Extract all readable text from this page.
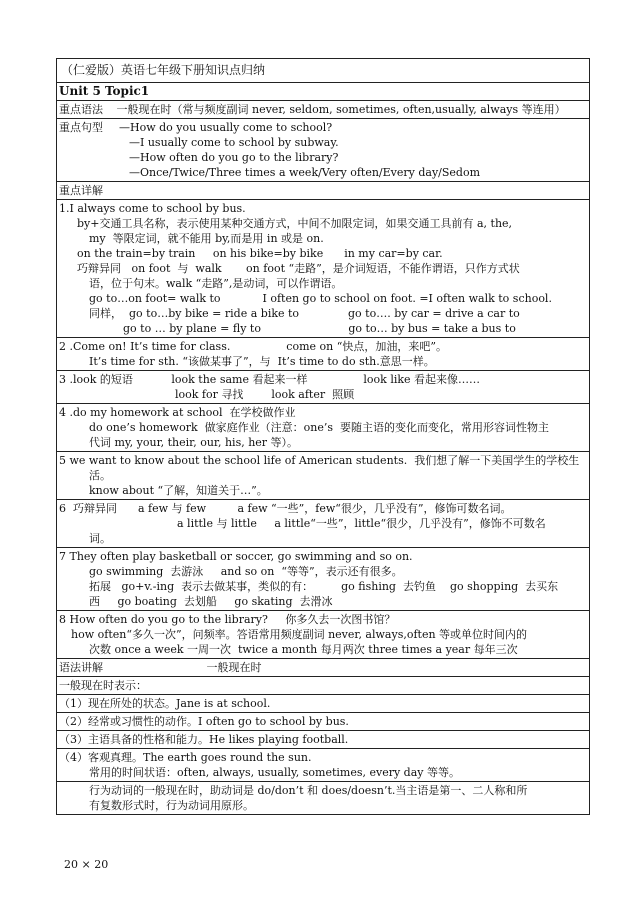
（仁爱版）英语七年级下册知识点归纳
Unit 5 Topic1
重点语法 一般现在时（常与频度副词 never, seldom, sometimes, often,usually, always 等连用）
重点句型 —How do you usually come to school?
—I usually come to school by subway.
—How often do you go to the library?
—Once/Twice/Three times a week/Very often/Every day/Sedom
重点详解
1.I always come to school by bus.
by+交通工具名称，表示使用某种交通方式，中间不加限定词，如果交通工具前有 a, the,
my  等限定词，就不能用 by,而是用 in 或是 on.
on the train=by train     on his bike=by bike      in my car=by car.
巧辩异同   on foot  与  walk       on foot “走路”，是介词短语，不能作谓语，只作方式状
语，位于句末。walk “走路”,是动词，可以作谓语。
go to…on foot= walk to            I often go to school on foot. =I often walk to school.
同样，  go to…by bike = ride a bike to              go to…. by car = drive a car to
go to … by plane = fly to                         go to… by bus = take a bus to
2 .Come on! It’s time for class.                come on “快点，加油，来吧”。
It’s time for sth. “该做某事了”，与  It’s time to do sth.意思一样。
3 .look 的短语           look the same 看起来一样                look like 看起来像……
look for 寻找        look after  照顾
4 .do my homework at school  在学校做作业
do one’s homework  做家庭作业（注意：one’s  要随主语的变化而变化，常用形容词性物主
代词 my, your, their, our, his, her 等）。
5 we want to know about the school life of American students.  我们想了解一下美国学生的学校生
活。
know about “了解，知道关于…”。
6  巧辩异同      a few 与 few         a few “一些”，few“很少，几乎没有”，修饰可数名词。
a little 与 little     a little“一些”，little“很少，几乎没有”，修饰不可数名
词。
7 They often play basketball or soccer, go swimming and so on.
go swimming  去游泳     and so on  “等等”，表示还有很多。
拓展   go+v.-ing  表示去做某事，类似的有：        go fishing  去钓鱼    go shopping  去买东
西     go boating  去划船     go skating  去滑冰
8 How often do you go to the library?     你多久去一次图书馆？
how often“多久一次”，问频率。答语常用频度副词 never, always,often 等或单位时间内的
次数 once a week 一周一次  twice a month 每月两次 three times a year 每年三次
语法讲解	一般现在时
一般现在时表示：
（1）现在所处的状态。Jane is at school.
（2）经常或习惯性的动作。I often go to school by bus.
（3）主语具备的性格和能力。He likes playing football.
（4）客观真理。The earth goes round the sun.
常用的时间状语：often, always, usually, sometimes, every day 等等。
行为动词的一般现在时，助动词是 do/don’t 和 does/doesn’t.当主语是第一、二人称和所
有复数形式时，行为动词用原形。
20 × 20
